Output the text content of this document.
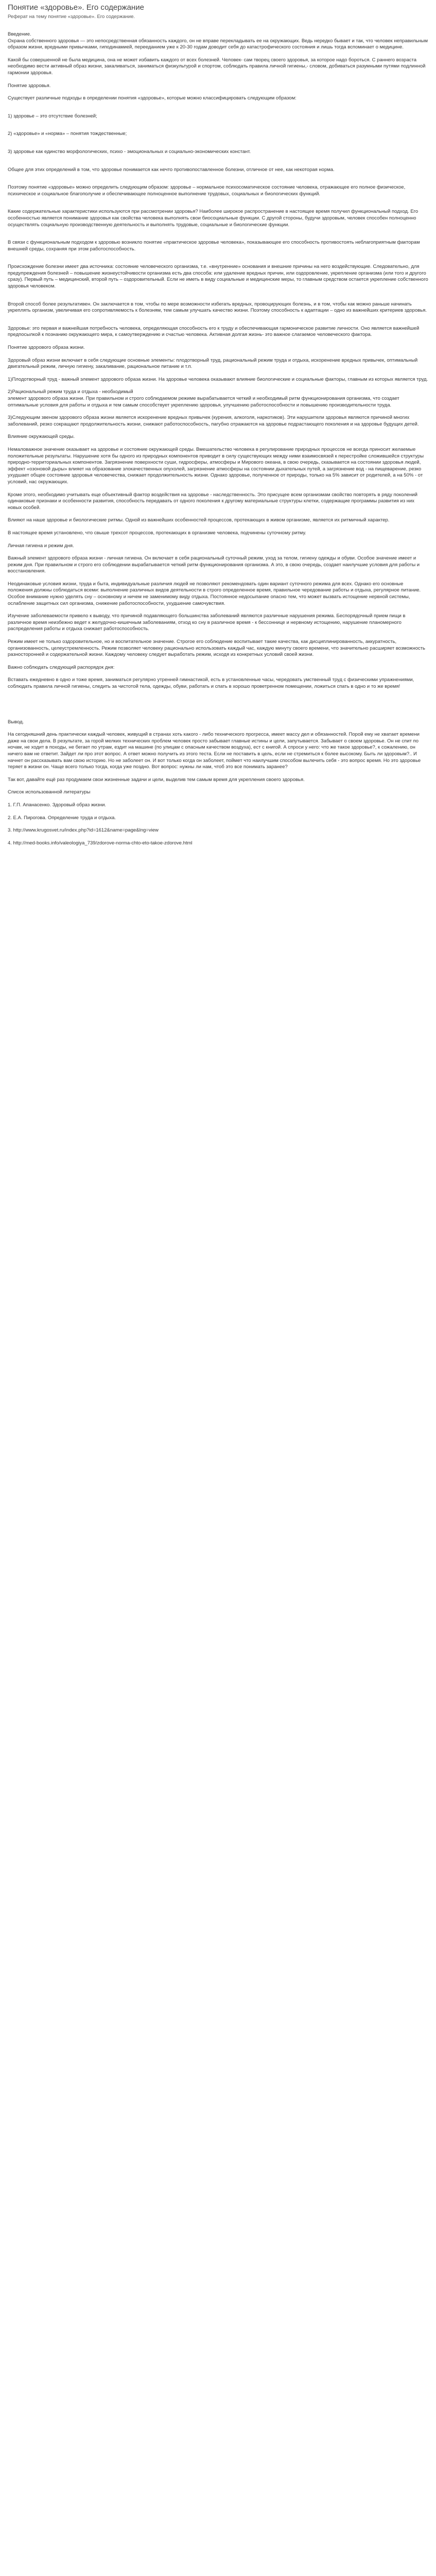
Понятие «здоровье». Его содержание
Реферат на тему понятие «здоровье». Его содержание.
Введение.
Охрана собственного здоровья — это непосредственная обязанность каждого, он не вправе перекладывать ее на окружающих. Ведь нередко бывает и так, что человек неправильным образом жизни, вредными привычками, гиподинамией, перееданием уже к 20-30 годам доводит себя до катастрофического состояния и лишь тогда вспоминает о медицине.
Какой бы совершенной не была медицина, она не может избавить каждого от всех болезней. Человек- сам творец своего здоровья, за которое надо бороться. С раннего возраста необходимо вести активный образ жизни, закаливаться, заниматься физкультурой и спортом, соблюдать правила личной гигиены,- словом, добиваться разумными путями подлинной гармонии здоровья.
Понятие здоровья.
Существует различные подходы в определении понятия «здоровье», которые можно классифицировать следующим образом:
1) здоровье – это отсутствие болезней;
2) «здоровье» и «норма» – понятия тождественные;
3) здоровье как единство морфологических, психо - эмоциональных и социально-экономических констант.
Общее для этих определений в том, что здоровье понимается как нечто противопоставленное болезни, отличное от нее, как некоторая норма.
Поэтому понятие «здоровье» можно определить следующим образом: здоровье – нормальное психосоматическое состояние человека, отражающее его полное физическое, психическое и социальное благополучие и обеспечивающее полноценное выполнение трудовых, социальных и биологических функций.
Какие содержательные характеристики используются при рассмотрении здоровья? Наиболее широкое распространение в настоящее время получил функциональный подход. Его особенностью является понимание здоровья как свойства человека выполнять свои биосоциальные функции. С другой стороны, будучи здоровым, человек способен полноценно осуществлять социальную производственную деятельность и выполнять трудовые, социальные и биологические функции.
В связи с функциональным подходом к здоровью возникло понятие «практическое здоровье человека», показывающее его способность противостоять неблагоприятным факторам внешней среды, сохраняя при этом работоспособность.
Происхождение болезни имеет два источника: состояние человеческого организма, т.е. «внутренние» основания и внешние причины на него воздействующие. Следовательно, для предупреждения болезней – повышение жизнеустойчивости организма есть два способа: или удаление вредных причин, или оздоровление, укрепление организма (или того и другого сразу). Первый путь – медицинский, второй путь – оздоровительный. Если не иметь в виду социальные и медицинские меры, то главным средством остается укрепление собственного здоровья человеком.
Второй способ более результативен. Он заключается в том, чтобы по мере возможности избегать вредных, провоцирующих болезнь, и в том, чтобы как можно раньше начинать укреплять организм, увеличивая его сопротивляемость к болезням, тем самым улучшать качество жизни. Поэтому способность к адаптации – одно из важнейших критериев здоровья.
Здоровье: это первая и важнейшая потребность человека, определяющая способность его к труду и обеспечивающая гармоническое развитие личности. Оно является важнейшей предпосылкой к познанию окружающего мира, к самоутверждению и счастью человека. Активная долгая жизнь- это важное слагаемое человеческого фактора.
Понятие здорового образа жизни.
Здоровый образ жизни включает в себя следующие основные элементы: плодотворный труд, рациональный режим труда и отдыха, искоренение вредных привычек, оптимальный двигательный режим, личную гигиену, закаливание, рациональное питание и т.п.
1)Плодотворный труд - важный элемент здорового образа жизни. На здоровье человека оказывают влияние биологические и социальные факторы, главным из которых является труд.
2)Рациональный режим труда и отдыха - необходимый
элемент здорового образа жизни. При правильном и строго соблюдаемом режиме вырабатывается четкий и необходимый ритм функционирования организма, что создает оптимальные условия для работы и отдыха и тем самым способствует укреплению здоровья, улучшению работоспособности и повышению производительности труда.
3)Следующим звеном здорового образа жизни является искоренение вредных привычек (курения, алкоголя, наркотиков). Эти нарушители здоровья являются причиной многих заболеваний, резко сокращают продолжительность жизни, снижают работоспособность, пагубно отражаются на здоровье подрастающего поколения и на здоровье будущих детей.
Влияние окружающей среды.
Немаловажное значение оказывает на здоровье и состояние окружающей среды. Вмешательство человека в регулирование природных процессов не всегда приносит желаемые положительные результаты. Нарушение хотя бы одного из природных компонентов приводит в силу существующих между ними взаимосвязей к перестройке сложившейся структуры природно-территориальных компонентов. Загрязнение поверхности суши, гидросферы, атмосферы и Мирового океана, в свою очередь, сказывается на состоянии здоровья людей, эффект «озоновой дыры» влияет на образование злокачественных опухолей, загрязнение атмосферы на состоянии дыхательных путей, а загрязнение вод - на пищеварение, резко ухудшает общее состояние здоровья человечества, снижает продолжительность жизни. Однако здоровье, полученное от природы, только на 5% зависит от родителей, а на 50% - от условий, нас окружающих.
Кроме этого, необходимо учитывать еще объективный фактор воздействия на здоровье - наследственность. Это присущее всем организмам свойство повторять в ряду поколений одинаковые признаки и особенности развития, способность передавать от одного поколения к другому материальные структуры клетки, содержащие программы развития из них новых особей.
Влияют на наше здоровье и биологические ритмы. Одной из важнейших особенностей процессов, протекающих в живом организме, является их ритмичный характер.
В настоящее время установлено, что свыше трехсот процессов, протекающих в организме человека, подчинены суточному ритму.
Личная гигиена и режим дня.
Важный элемент здорового образа жизни - личная гигиена. Он включает в себя рациональный суточный режим, уход за телом, гигиену одежды и обуви. Особое значение имеет и режим дня. При правильном и строго его соблюдении вырабатывается четкий ритм функционирования организма. А это, в свою очередь, создает наилучшие условия для работы и восстановления.
Неодинаковые условия жизни, труда и быта, индивидуальные различия людей не позволяют рекомендовать один вариант суточного режима для всех. Однако его основные положения должны соблюдаться всеми: выполнение различных видов деятельности в строго определенное время, правильное чередование работы и отдыха, регулярное питание. Особое внимание нужно уделять сну – основному и ничем не заменимому виду отдыха. Постоянное недосыпание опасно тем, что может вызвать истощение нервной системы, ослабление защитных сил организма, снижение работоспособности, ухудшение самочувствия.
Изучение заболеваемости привело к выводу, что причиной подавляющего большинства заболеваний являются различные нарушения режима. Беспорядочный прием пищи в различное время неизбежно ведет к желудочно-кишечным заболеваниям, отход ко сну в различное время - к бессоннице и нервному истощению, нарушение планомерного распределения работы и отдыха снижает работоспособность.
Режим имеет не только оздоровительное, но и воспитательное значение. Строгое его соблюдение воспитывает такие качества, как дисциплинированность, аккуратность, организованность, целеустремленность. Режим позволяет человеку рационально использовать каждый час, каждую минуту своего времени, что значительно расширяет возможность разносторонней и содержательной жизни. Каждому человеку следует выработать режим, исходя из конкретных условий своей жизни.
Важно соблюдать следующий распорядок дня:
Вставать ежедневно в одно и тоже время, заниматься регулярно утренней гимнастикой, есть в установленные часы, чередовать умственный труд с физическими упражнениями, соблюдать правила личной гигиены, следить за чистотой тела, одежды, обуви, работать и спать в хорошо проветренном помещении, ложиться спать в одно и то же время!
Вывод.
На сегодняшний день практически каждый человек, живущий в странах хоть какого - либо технического прогресса, имеет массу дел и обязанностей. Порой ему не хватает времени даже на свои дела. В результате, за горой мелких технических проблем человек просто забывает главные истины и цели, запутывается. Забывает о своем здоровье. Он не спит по ночам, не ходит в походы, не бегает по утрам, ездит на машине (по улицам с опасным качеством воздуха), ест с книгой. А спроси у него: что же такое здоровье?, к сожалению, он ничего вам не ответит. Зайдет ли про этот вопрос. А ответ можно получить из этого теста. Если не поставить в цель, если не стремиться к более высокому. Быть ли здоровым?.. И начнет он рассказывать вам свою историю. Но не заболеет он. И вот только когда он заболеет, поймет что наилучшим способом вылечить себя - это вопрос время. Но это здоровье теряет в жизни он. Чаще всего только тогда, когда уже поздно. Вот вопрос: нужны ли нам, чтоб это все понимать заранее?
Так вот, давайте ещё раз продумаем свои жизненные задачи и цели, выделив тем самым время для укрепления своего здоровья.
Список использованной литературы
1. Г.П. Апанасенко. Здоровый образ жизни.
2. Е.А. Пирогова. Определение труда и отдыха.
3. http://www.krugosvet.ru/index.php?id=1612&name=page&lng=view
4. http://med-books.info/valeologiya_739/zdorove-norma-chto-eto-takoe-zdorove.html
